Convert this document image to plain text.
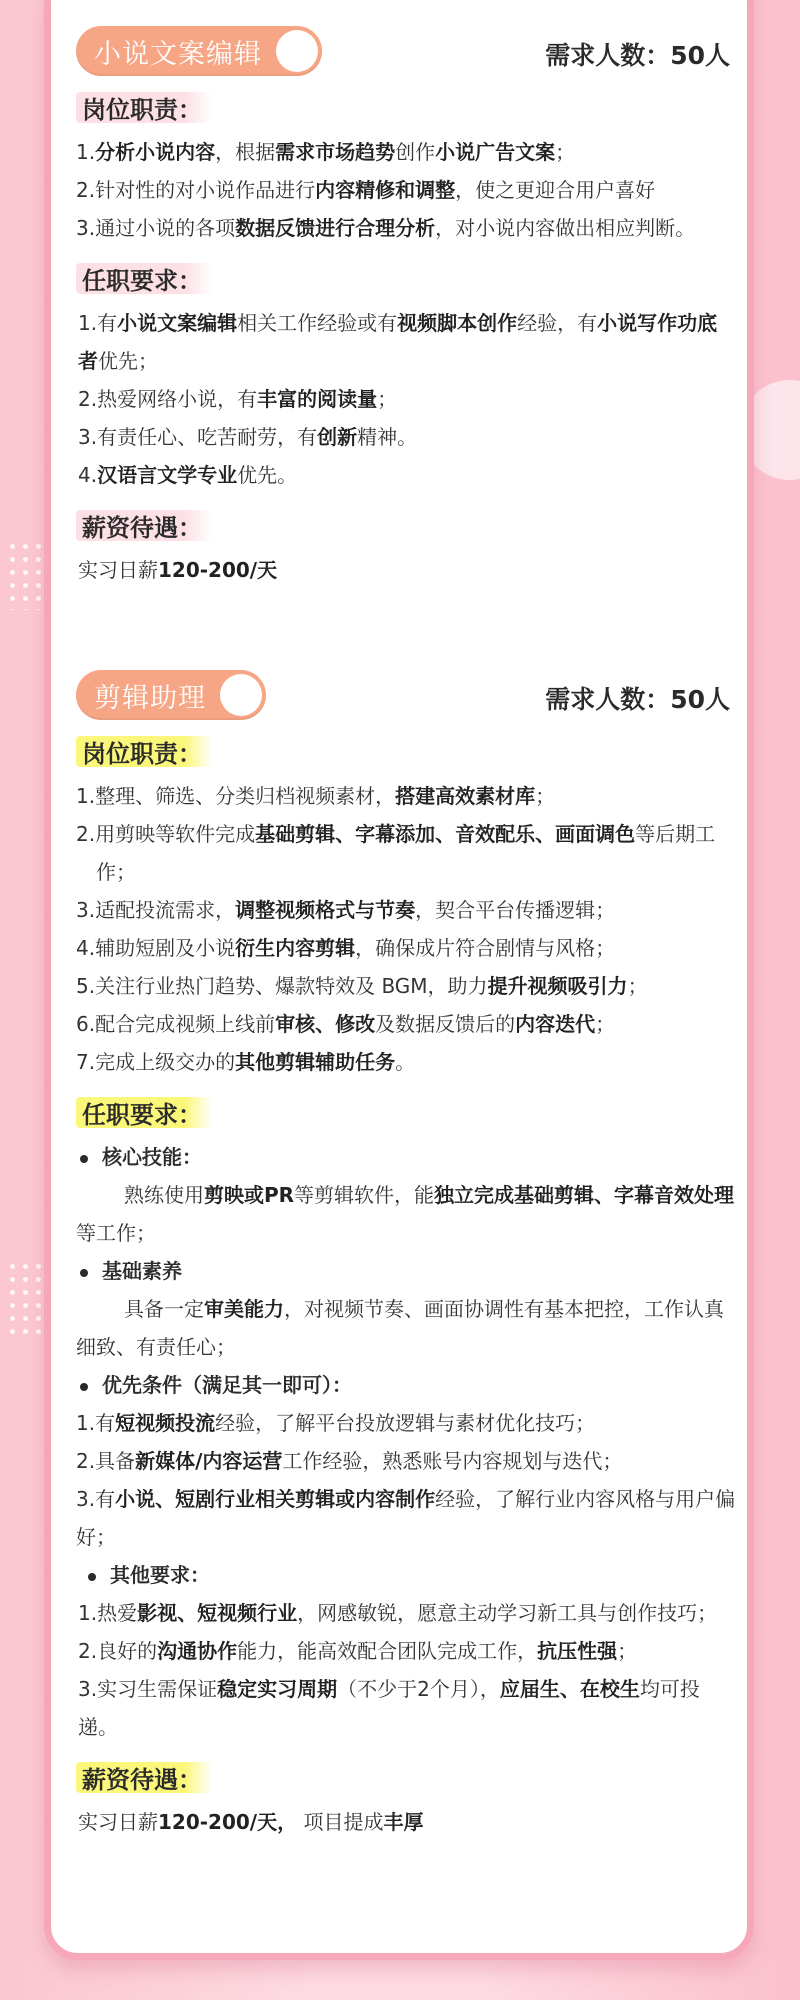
小说文案编辑	需求人数：50人
岗位职责：
1.分析小说内容，根据需求市场趋势创作小说广告文案；
2.针对性的对小说作品进行内容精修和调整，使之更迎合用户喜好
3.通过小说的各项数据反馈进行合理分析，对小说内容做出相应判断。
任职要求：
1.有小说文案编辑相关工作经验或有视频脚本创作经验，有小说写作功底者优先；
2.热爱网络小说，有丰富的阅读量；
3.有责任心、吃苦耐劳，有创新精神。
4.汉语言文学专业优先。
薪资待遇：
实习日薪120-200/天
剪辑助理	需求人数：50人
岗位职责：
1.整理、筛选、分类归档视频素材，搭建高效素材库；
2.用剪映等软件完成基础剪辑、字幕添加、音效配乐、画面调色等后期工作；
3.适配投流需求，调整视频格式与节奏，契合平台传播逻辑；
4.辅助短剧及小说衍生内容剪辑，确保成片符合剧情与风格；
5.关注行业热门趋势、爆款特效及 BGM，助力提升视频吸引力；
6.配合完成视频上线前审核、修改及数据反馈后的内容迭代；
7.完成上级交办的其他剪辑辅助任务。
任职要求：
核心技能：
熟练使用剪映或PR等剪辑软件，能独立完成基础剪辑、字幕音效处理等工作；
基础素养
具备一定审美能力，对视频节奏、画面协调性有基本把控，工作认真细致、有责任心；
优先条件（满足其一即可）：
1.有短视频投流经验，了解平台投放逻辑与素材优化技巧；
2.具备新媒体/内容运营工作经验，熟悉账号内容规划与迭代；
3.有小说、短剧行业相关剪辑或内容制作经验，了解行业内容风格与用户偏好；
其他要求：
1.热爱影视、短视频行业，网感敏锐，愿意主动学习新工具与创作技巧；
2.良好的沟通协作能力，能高效配合团队完成工作，抗压性强；
3.实习生需保证稳定实习周期（不少于2个月），应届生、在校生均可投递。
薪资待遇：
实习日薪120-200/天， 项目提成丰厚
